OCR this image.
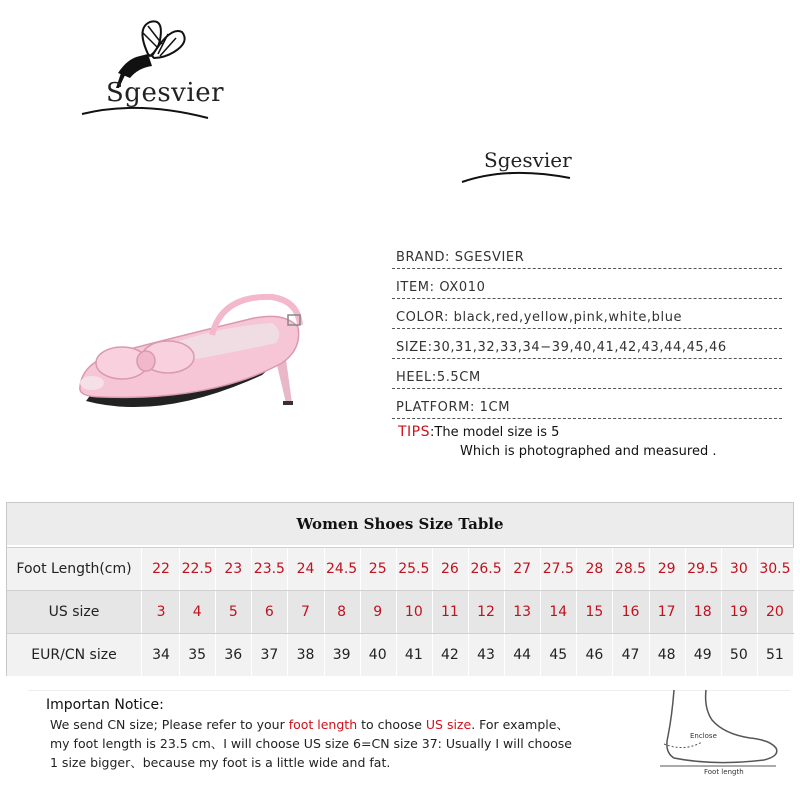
Sgesvier
Sgesvier
BRAND: SGESVIER
ITEM: OX010
COLOR: black,red,yellow,pink,white,blue
SIZE:30,31,32,33,34−39,40,41,42,43,44,45,46
HEEL:5.5CM
PLATFORM: 1CM
TIPS:The model size is 5
Which is photographed and measured .
Women Shoes Size Table
Foot Length(cm)	22 22.5 23 23.5 24 24.5 25 25.5 26 26.5 27 27.5 28 28.5 29 29.5 30 30.5
US size	3	4	5	6	7	8	9	10	11	12	13	14	15	16	17	18	19	20
EUR/CN size	34	35	36	37	38	39	40	41	42	43	44	45	46	47	48	49	50	51
Importan Notice:
We send CN size; Please refer to your foot length to choose US size. For example、
my foot length is 23.5 cm、I will choose US size 6=CN size 37: Usually I will choose
1 size bigger、because my foot is a little wide and fat.
Enclose
Foot length
